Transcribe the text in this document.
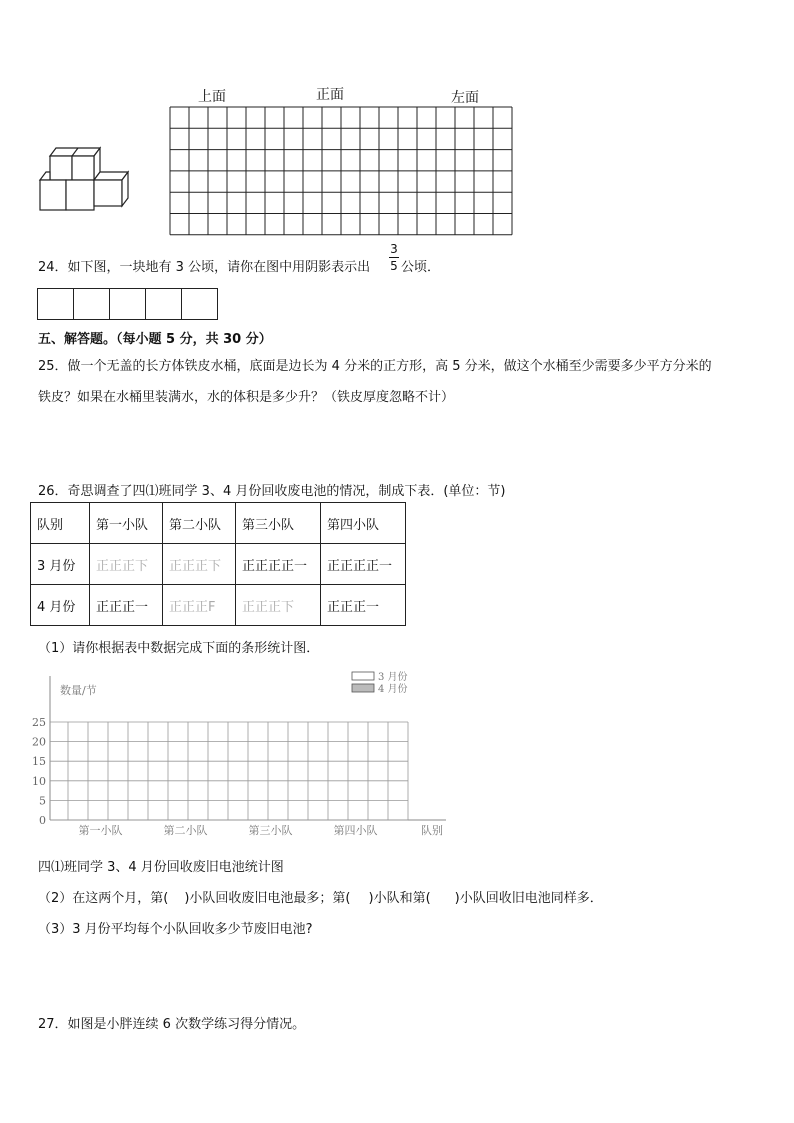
上面	正面	左面
24．如下图，一块地有 3 公顷，请你在图中用阴影表示出
3
5 公顷．
五、解答题。（每小题 5 分，共 30 分）
25．做一个无盖的长方体铁皮水桶，底面是边长为 4 分米的正方形，高 5 分米，做这个水桶至少需要多少平方分米的
铁皮？如果在水桶里装满水，水的体积是多少升？（铁皮厚度忽略不计）
26．奇思调查了四⑴班同学 3、4 月份回收废电池的情况，制成下表．(单位：节)
队别	第一小队	第二小队	第三小队	第四小队
3 月份	正正正下	正正正下	正正正正一	正正正正一
4 月份	正正正一	正正正F	正正正下	正正正一
（1）请你根据表中数据完成下面的条形统计图．
0
5
10
15
20
25
数量/节
第一小队	第二小队	第三小队	第四小队	队别
3 月份
4 月份
四⑴班同学 3、4 月份回收废旧电池统计图
（2）在这两个月，第( )小队回收废旧电池最多；第( )小队和第( )小队回收旧电池同样多．
（3）3 月份平均每个小队回收多少节废旧电池?
27．如图是小胖连续 6 次数学练习得分情况。
